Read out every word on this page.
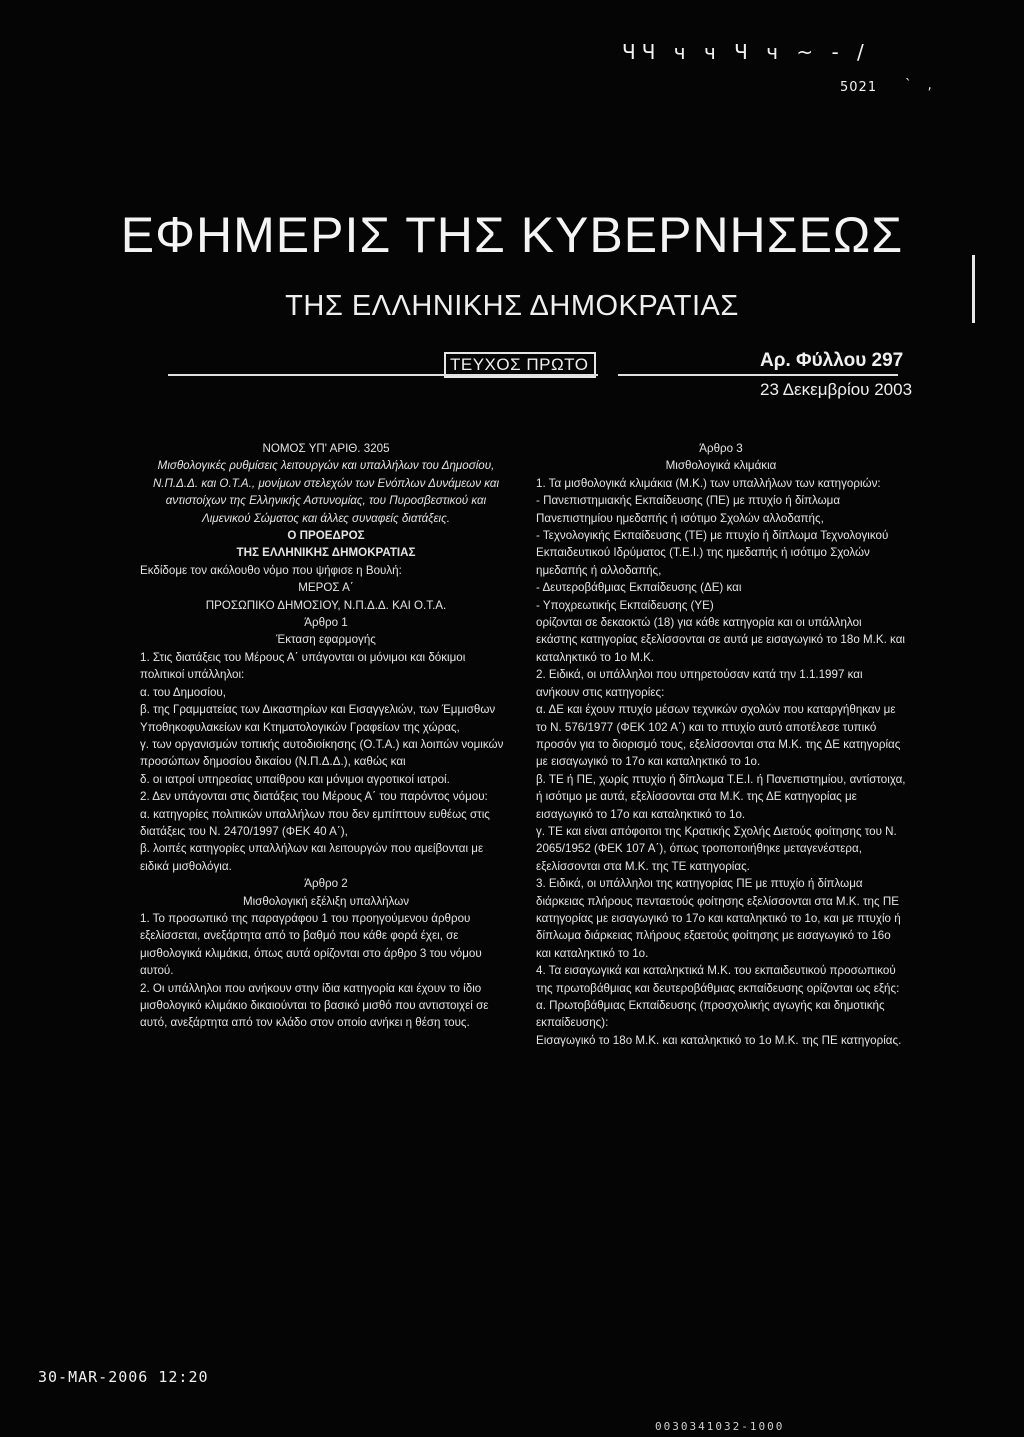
ЧЧ ч ч Ч ч ~ - /
5021 ` ,
ΕΦΗΜΕΡΙΣ ΤΗΣ ΚΥΒΕΡΝΗΣΕΩΣ
ΤΗΣ ΕΛΛΗΝΙΚΗΣ ΔΗΜΟΚΡΑΤΙΑΣ
ΤΕΥΧΟΣ ΠΡΩΤΟ	Αρ. Φύλλου 297
23 Δεκεμβρίου 2003

ΝΟΜΟΣ ΥΠ' ΑΡΙΘ. 3205

Μισθολογικές ρυθμίσεις λειτουργών και υπαλλήλων του Δημοσίου, Ν.Π.Δ.Δ. και Ο.Τ.Α., μονίμων στελεχών των Ενόπλων Δυνάμεων και αντιστοίχων της Ελληνικής Αστυνομίας, του Πυροσβεστικού και Λιμενικού Σώματος και άλλες συναφείς διατάξεις.

Ο ΠΡΟΕΔΡΟΣ

ΤΗΣ ΕΛΛΗΝΙΚΗΣ ΔΗΜΟΚΡΑΤΙΑΣ

Εκδίδομε τον ακόλουθο νόμο που ψήφισε η Βουλή:

ΜΕΡΟΣ Α΄

ΠΡΟΣΩΠΙΚΟ ΔΗΜΟΣΙΟΥ, Ν.Π.Δ.Δ. ΚΑΙ Ο.Τ.Α.

Άρθρο 1

Έκταση εφαρμογής

1. Στις διατάξεις του Μέρους Α΄ υπάγονται οι μόνιμοι και δόκιμοι πολιτικοί υπάλληλοι:

α. του Δημοσίου,

β. της Γραμματείας των Δικαστηρίων και Εισαγγελιών, των Έμμισθων Υποθηκοφυλακείων και Κτηματολογικών Γραφείων της χώρας,

γ. των οργανισμών τοπικής αυτοδιοίκησης (Ο.Τ.Α.) και λοιπών νομικών προσώπων δημοσίου δικαίου (Ν.Π.Δ.Δ.), καθώς και

δ. οι ιατροί υπηρεσίας υπαίθρου και μόνιμοι αγροτικοί ιατροί.

2. Δεν υπάγονται στις διατάξεις του Μέρους Α΄ του παρόντος νόμου:

α. κατηγορίες πολιτικών υπαλλήλων που δεν εμπίπτουν ευθέως στις διατάξεις του Ν. 2470/1997 (ΦΕΚ 40 Α΄),

β. λοιπές κατηγορίες υπαλλήλων και λειτουργών που αμείβονται με ειδικά μισθολόγια.

Άρθρο 2

Μισθολογική εξέλιξη υπαλλήλων

1. Το προσωπικό της παραγράφου 1 του προηγούμενου άρθρου εξελίσσεται, ανεξάρτητα από το βαθμό που κάθε φορά έχει, σε μισθολογικά κλιμάκια, όπως αυτά ορίζονται στο άρθρο 3 του νόμου αυτού.

2. Οι υπάλληλοι που ανήκουν στην ίδια κατηγορία και έχουν το ίδιο μισθολογικό κλιμάκιο δικαιούνται το βασικό μισθό που αντιστοιχεί σε αυτό, ανεξάρτητα από τον κλάδο στον οποίο ανήκει η θέση τους.

Άρθρο 3

Μισθολογικά κλιμάκια

1. Τα μισθολογικά κλιμάκια (Μ.Κ.) των υπαλλήλων των κατηγοριών:

- Πανεπιστημιακής Εκπαίδευσης (ΠΕ) με πτυχίο ή δίπλωμα Πανεπιστημίου ημεδαπής ή ισότιμο Σχολών αλλοδαπής,

- Τεχνολογικής Εκπαίδευσης (ΤΕ) με πτυχίο ή δίπλωμα Τεχνολογικού Εκπαιδευτικού Ιδρύματος (Τ.Ε.Ι.) της ημεδαπής ή ισότιμο Σχολών ημεδαπής ή αλλοδαπής,

- Δευτεροβάθμιας Εκπαίδευσης (ΔΕ) και

- Υποχρεωτικής Εκπαίδευσης (ΥΕ)

ορίζονται σε δεκαοκτώ (18) για κάθε κατηγορία και οι υπάλληλοι εκάστης κατηγορίας εξελίσσονται σε αυτά με εισαγωγικό το 18ο Μ.Κ. και καταληκτικό το 1ο Μ.Κ.

2. Ειδικά, οι υπάλληλοι που υπηρετούσαν κατά την 1.1.1997 και ανήκουν στις κατηγορίες:

α. ΔΕ και έχουν πτυχίο μέσων τεχνικών σχολών που καταργήθηκαν με το Ν. 576/1977 (ΦΕΚ 102 Α΄) και το πτυχίο αυτό αποτέλεσε τυπικό προσόν για το διορισμό τους, εξελίσσονται στα Μ.Κ. της ΔΕ κατηγορίας με εισαγωγικό το 17ο και καταληκτικό το 1ο.

β. ΤΕ ή ΠΕ, χωρίς πτυχίο ή δίπλωμα Τ.Ε.Ι. ή Πανεπιστημίου, αντίστοιχα, ή ισότιμο με αυτά, εξελίσσονται στα Μ.Κ. της ΔΕ κατηγορίας με εισαγωγικό το 17ο και καταληκτικό το 1ο.

γ. ΤΕ και είναι απόφοιτοι της Κρατικής Σχολής Διετούς φοίτησης του Ν. 2065/1952 (ΦΕΚ 107 Α΄), όπως τροποποιήθηκε μεταγενέστερα, εξελίσσονται στα Μ.Κ. της ΤΕ κατηγορίας.

3. Ειδικά, οι υπάλληλοι της κατηγορίας ΠΕ με πτυχίο ή δίπλωμα διάρκειας πλήρους πενταετούς φοίτησης εξελίσσονται στα Μ.Κ. της ΠΕ κατηγορίας με εισαγωγικό το 17ο και καταληκτικό το 1ο, και με πτυχίο ή δίπλωμα διάρκειας πλήρους εξαετούς φοίτησης με εισαγωγικό το 16ο και καταληκτικό το 1ο.

4. Τα εισαγωγικά και καταληκτικά Μ.Κ. του εκπαιδευτικού προσωπικού της πρωτοβάθμιας και δευτεροβάθμιας εκπαίδευσης ορίζονται ως εξής:

α. Πρωτοβάθμιας Εκπαίδευσης (προσχολικής αγωγής και δημοτικής εκπαίδευσης):

Εισαγωγικό το 18ο Μ.Κ. και καταληκτικό το 1ο Μ.Κ. της ΠΕ κατηγορίας.

30-MAR-2006 12:20
0030341032-1000
